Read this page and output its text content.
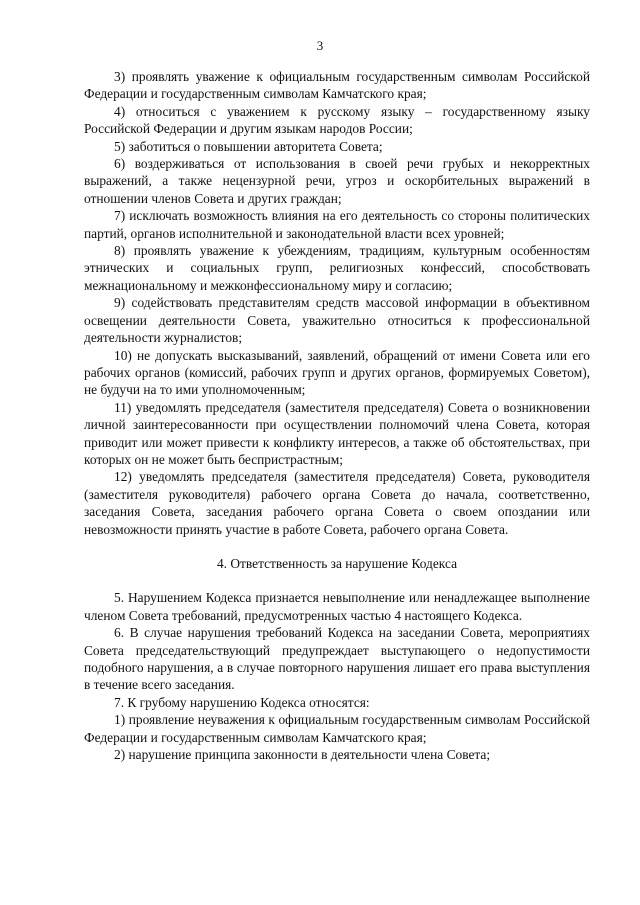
3

3) проявлять уважение к официальным государственным символам Российской Федерации и государственным символам Камчатского края;

4) относиться с уважением к русскому языку – государственному языку Российской Федерации и другим языкам народов России;

5) заботиться о повышении авторитета Совета;

6) воздерживаться от использования в своей речи грубых и некорректных выражений, а также нецензурной речи, угроз и оскорбительных выражений в отношении членов Совета и других граждан;

7) исключать возможность влияния на его деятельность со стороны политических партий, органов исполнительной и законодательной власти всех уровней;

8) проявлять уважение к убеждениям, традициям, культурным особенностям этнических и социальных групп, религиозных конфессий, способствовать межнациональному и межконфессиональному миру и согласию;

9) содействовать представителям средств массовой информации в объективном освещении деятельности Совета, уважительно относиться к профессиональной деятельности журналистов;

10) не допускать высказываний, заявлений, обращений от имени Совета или его рабочих органов (комиссий, рабочих групп и других органов, формируемых Советом), не будучи на то ими уполномоченным;

11) уведомлять председателя (заместителя председателя) Совета о возникновении личной заинтересованности при осуществлении полномочий члена Совета, которая приводит или может привести к конфликту интересов, а также об обстоятельствах, при которых он не может быть беспристрастным;

12) уведомлять председателя (заместителя председателя) Совета, руководителя (заместителя руководителя) рабочего органа Совета до начала, соответственно, заседания Совета, заседания рабочего органа Совета о своем опоздании или невозможности принять участие в работе Совета, рабочего органа Совета.

4. Ответственность за нарушение Кодекса

5. Нарушением Кодекса признается невыполнение или ненадлежащее выполнение членом Совета требований, предусмотренных частью 4 настоящего Кодекса.

6. В случае нарушения требований Кодекса на заседании Совета, мероприятиях Совета председательствующий предупреждает выступающего о недопустимости подобного нарушения, а в случае повторного нарушения лишает его права выступления в течение всего заседания.

7. К грубому нарушению Кодекса относятся:

1) проявление неуважения к официальным государственным символам Российской Федерации и государственным символам Камчатского края;

2) нарушение принципа законности в деятельности члена Совета;
